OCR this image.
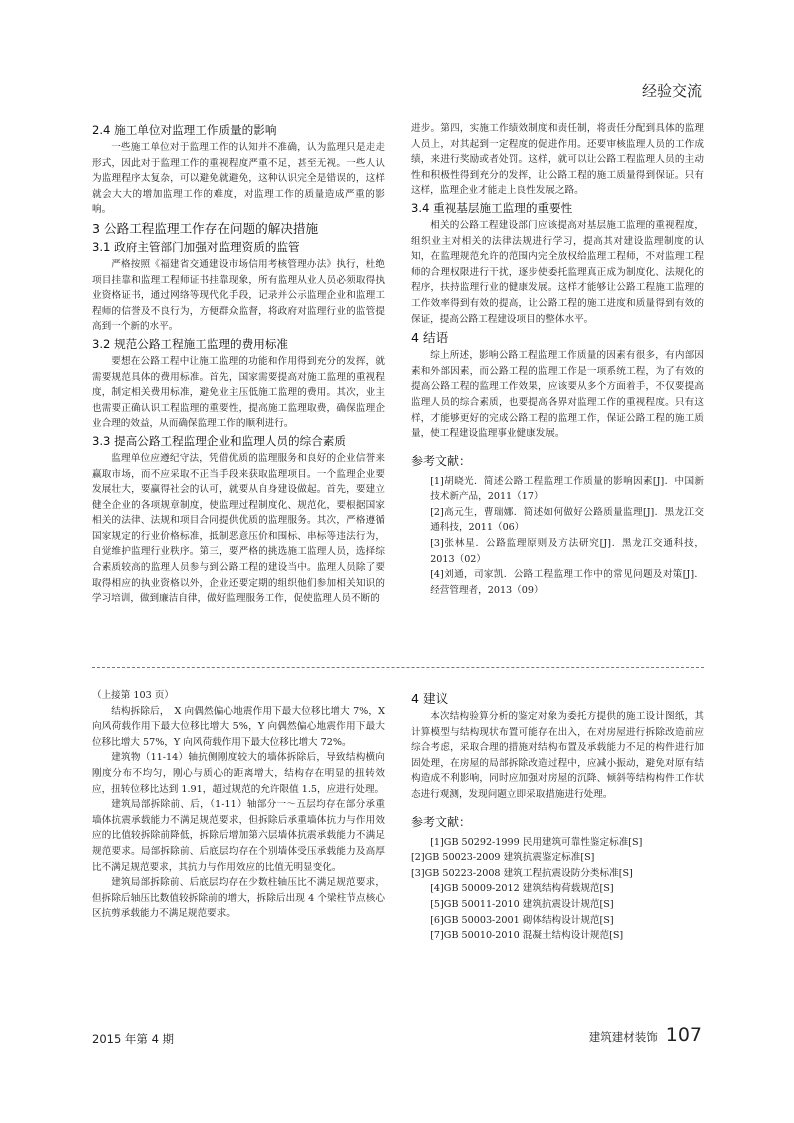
经验交流
2.4 施工单位对监理工作质量的影响

一些施工单位对于监理工作的认知并不准确，认为监理只是走走形式，因此对于监理工作的重视程度严重不足，甚至无视。一些人认为监理程序太复杂，可以避免就避免，这种认识完全是错误的，这样就会大大的增加监理工作的难度，对监理工作的质量造成严重的影响。

3 公路工程监理工作存在问题的解决措施
3.1 政府主管部门加强对监理资质的监管

严格按照《福建省交通建设市场信用考核管理办法》执行，杜绝项目挂靠和监理工程师证书挂靠现象，所有监理从业人员必须取得执业资格证书，通过网络等现代化手段，记录并公示监理企业和监理工程师的信誉及不良行为，方便群众监督，将政府对监理行业的监管提高到一个新的水平。

3.2 规范公路工程施工监理的费用标准

要想在公路工程中让施工监理的功能和作用得到充分的发挥，就需要规范具体的费用标准。首先，国家需要提高对施工监理的重视程度，制定相关费用标准，避免业主压低施工监理的费用。其次，业主也需要正确认识工程监理的重要性，提高施工监理取费，确保监理企业合理的效益，从而确保监理工作的顺利进行。

3.3 提高公路工程监理企业和监理人员的综合素质

监理单位应遵纪守法，凭借优质的监理服务和良好的企业信誉来赢取市场，而不应采取不正当手段来获取监理项目。一个监理企业要发展壮大，要赢得社会的认可，就要从自身建设做起。首先，要建立健全企业的各项规章制度，使监理过程制度化、规范化，要根据国家相关的法律、法规和项目合同提供优质的监理服务。其次，严格遵循国家规定的行业价格标准，抵制恶意压价和围标、串标等违法行为，自觉维护监理行业秩序。第三，要严格的挑选施工监理人员，选择综合素质较高的监理人员参与到公路工程的建设当中。监理人员除了要取得相应的执业资格以外，企业还要定期的组织他们参加相关知识的学习培训，做到廉洁自律，做好监理服务工作，促使监理人员不断的

进步。第四，实施工作绩效制度和责任制，将责任分配到具体的监理人员上，对其起到一定程度的促进作用。还要审核监理人员的工作成绩，来进行奖励或者处罚。这样，就可以让公路工程监理人员的主动性和积极性得到充分的发挥，让公路工程的施工质量得到保证。只有这样，监理企业才能走上良性发展之路。

3.4 重视基层施工监理的重要性

相关的公路工程建设部门应该提高对基层施工监理的重视程度，组织业主对相关的法律法规进行学习，提高其对建设监理制度的认知，在监理规范允许的范围内完全放权给监理工程师，不对监理工程师的合理权限进行干扰，逐步使委托监理真正成为制度化、法规化的程序，扶持监理行业的健康发展。这样才能够让公路工程施工监理的工作效率得到有效的提高，让公路工程的施工进度和质量得到有效的保证，提高公路工程建设项目的整体水平。

4 结语

综上所述，影响公路工程监理工作质量的因素有很多，有内部因素和外部因素，而公路工程的监理工作是一项系统工程，为了有效的提高公路工程的监理工作效果，应该要从多个方面着手，不仅要提高监理人员的综合素质，也要提高各界对监理工作的重视程度。只有这样，才能够更好的完成公路工程的监理工作，保证公路工程的施工质量，使工程建设监理事业健康发展。

参考文献：

[1]胡晓光．简述公路工程监理工作质量的影响因素[J]．中国新技术新产品，2011（17）

[2]高元生，曹瑞娜．简述如何做好公路质量监理[J]．黑龙江交通科技，2011（06）

[3]张林星．公路监理原则及方法研究[J]．黑龙江交通科技，2013（02）

[4]刘通，司家凯．公路工程监理工作中的常见问题及对策[J]．经营管理者，2013（09）

（上接第 103 页）

结构拆除后，　X 向偶然偏心地震作用下最大位移比增大 7%，X 向风荷载作用下最大位移比增大 5%，Y 向偶然偏心地震作用下最大位移比增大 57%，Y 向风荷载作用下最大位移比增大 72%。

建筑物（11-14）轴抗侧刚度较大的墙体拆除后，导致结构横向刚度分布不均匀，刚心与质心的距离增大，结构存在明显的扭转效应，扭转位移比达到 1.91，超过规范的允许限值 1.5，应进行处理。

建筑局部拆除前、后，（1-11）轴部分一～五层均存在部分承重墙体抗震承载能力不满足规范要求，但拆除后承重墙体抗力与作用效应的比值较拆除前降低，拆除后增加第六层墙体抗震承载能力不满足规范要求。局部拆除前、后底层均存在个别墙体受压承载能力及高厚比不满足规范要求，其抗力与作用效应的比值无明显变化。

建筑局部拆除前、后底层均存在少数柱轴压比不满足规范要求，但拆除后轴压比数值较拆除前的增大，拆除后出现 4 个梁柱节点核心区抗剪承载能力不满足规范要求。

4 建议

本次结构验算分析的鉴定对象为委托方提供的施工设计图纸，其计算模型与结构现状布置可能存在出入，在对房屋进行拆除改造前应综合考虑，采取合理的措施对结构布置及承载能力不足的构件进行加固处理，在房屋的局部拆除改造过程中，应减小振动，避免对原有结构造成不利影响，同时应加强对房屋的沉降、倾斜等结构构件工作状态进行观测，发现问题立即采取措施进行处理。

参考文献：

[1]GB 50292-1999 民用建筑可靠性鉴定标准[S]

[2]GB 50023-2009 建筑抗震鉴定标准[S]

[3]GB 50223-2008 建筑工程抗震设防分类标准[S]

[4]GB 50009-2012 建筑结构荷载规范[S]

[5]GB 50011-2010 建筑抗震设计规范[S]

[6]GB 50003-2001 砌体结构设计规范[S]

[7]GB 50010-2010 混凝土结构设计规范[S]

2015 年第 4 期	建筑建材装饰 107
